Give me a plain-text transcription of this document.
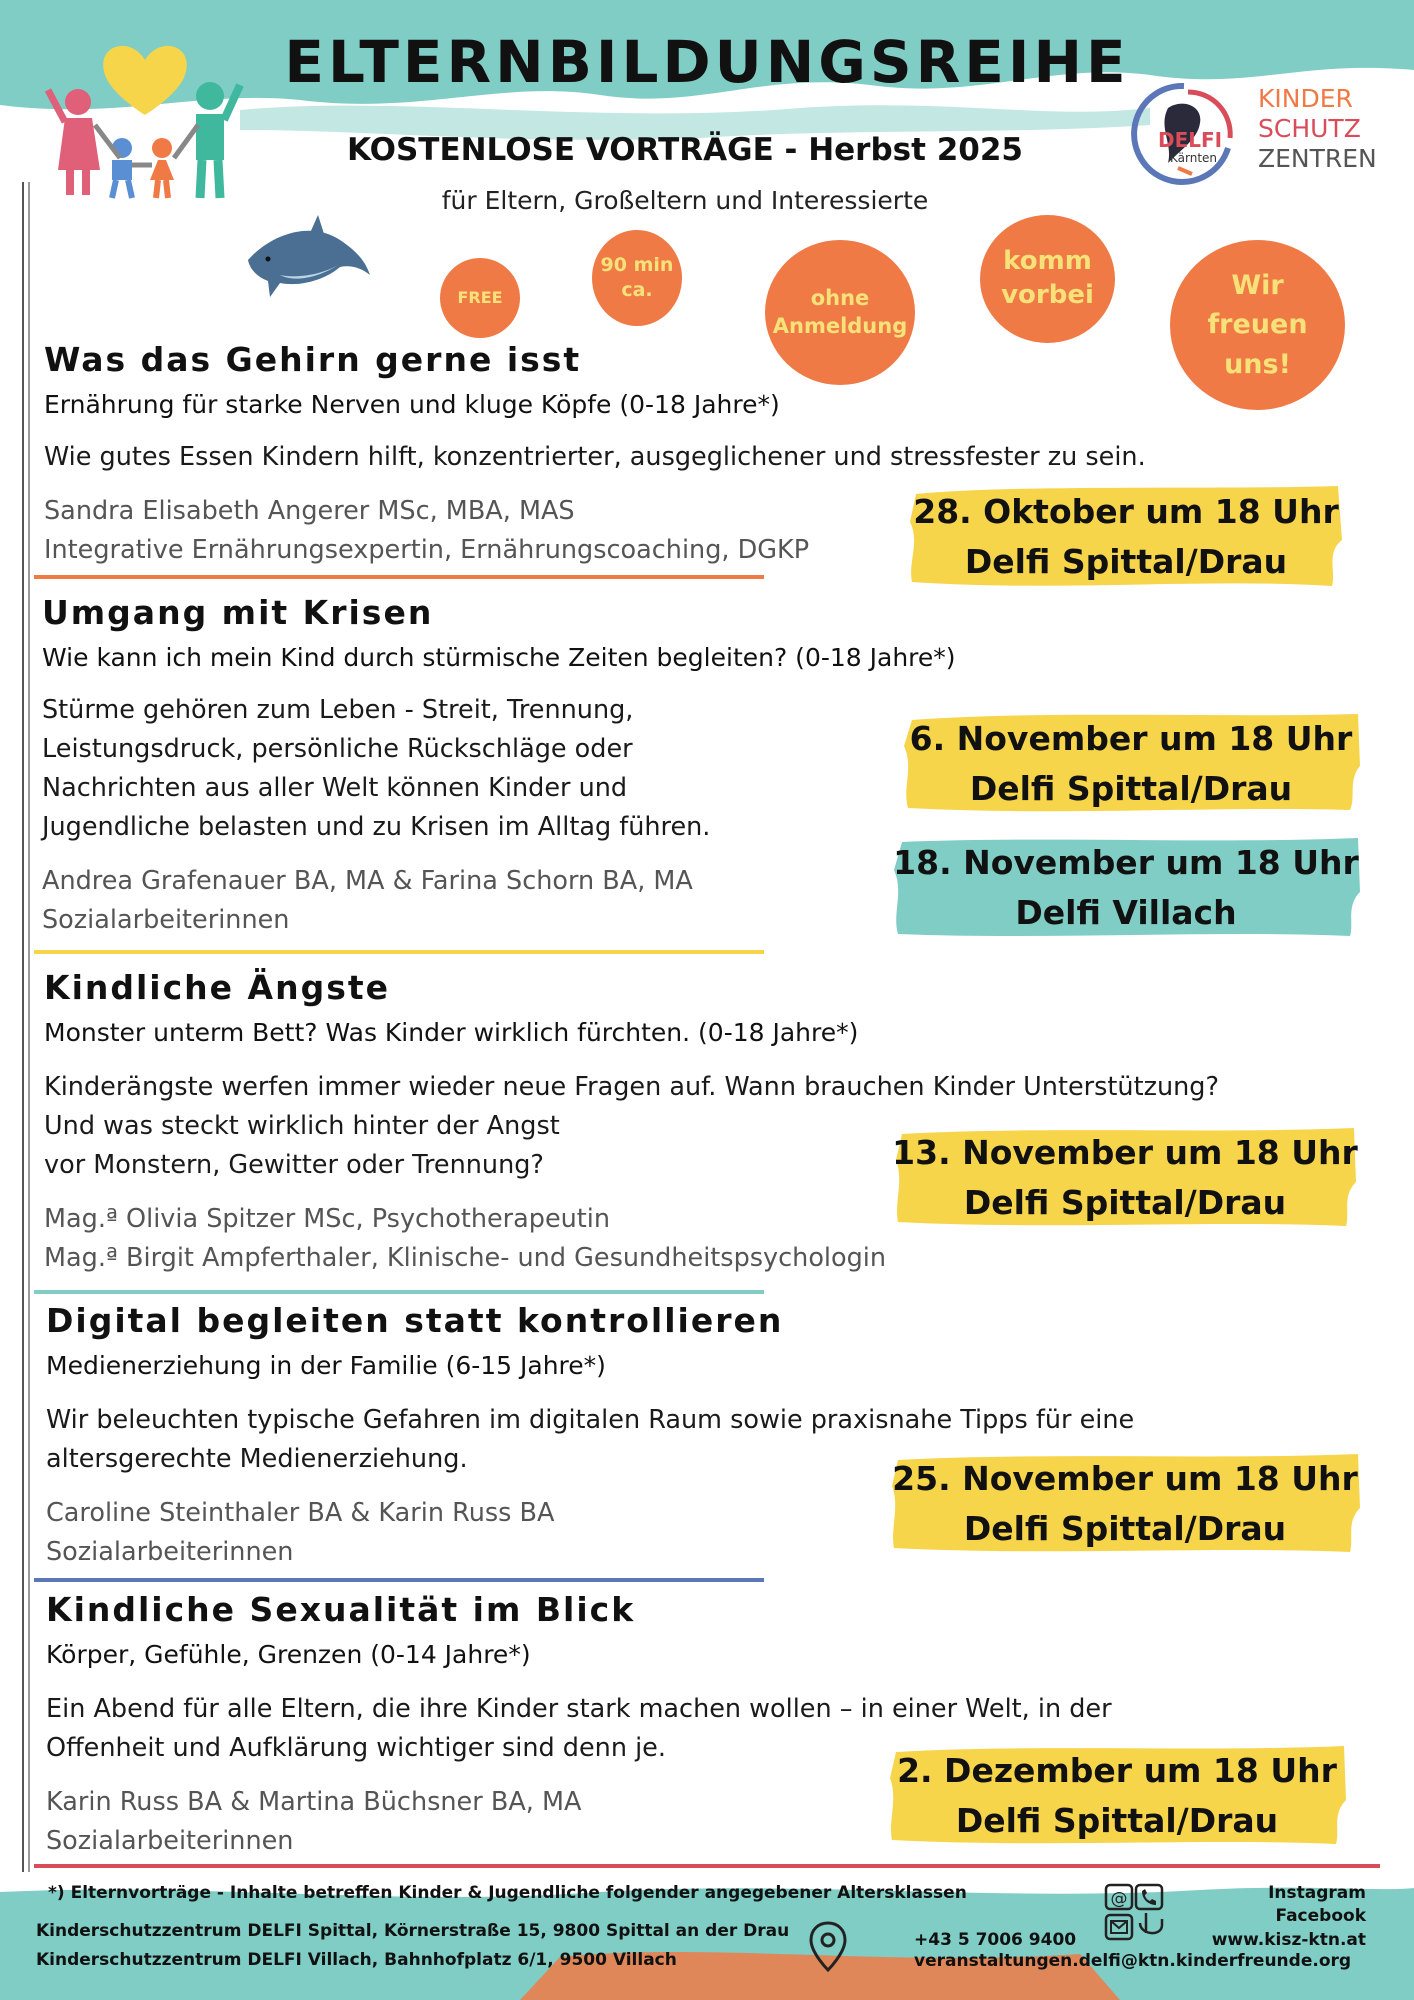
ELTERNBILDUNGSREIHE
KOSTENLOSE VORTRÄGE - Herbst 2025
für Eltern, Großeltern und Interessierte
DELFI
Kärnten
KINDER
SCHUTZ
ZENTREN
FREE
90 min ca.	ohne Anmeldung
komm vorbei	Wir freuen uns!
Was das Gehirn gerne isst
Ernährung für starke Nerven und kluge Köpfe (0-18 Jahre*)
Wie gutes Essen Kindern hilft, konzentrierter, ausgeglichener und stressfester zu sein.
Sandra Elisabeth Angerer MSc, MBA, MAS
Integrative Ernährungsexpertin, Ernährungscoaching, DGKP
28. Oktober um 18 Uhr
Delfi Spittal/Drau
Umgang mit Krisen
Wie kann ich mein Kind durch stürmische Zeiten begleiten? (0-18 Jahre*)
Stürme gehören zum Leben - Streit, Trennung,
Leistungsdruck, persönliche Rückschläge oder
Nachrichten aus aller Welt können Kinder und
Jugendliche belasten und zu Krisen im Alltag führen.
Andrea Grafenauer BA, MA & Farina Schorn BA, MA
Sozialarbeiterinnen
6. November um 18 Uhr
Delfi Spittal/Drau
18. November um 18 Uhr
Delfi Villach
Kindliche Ängste
Monster unterm Bett? Was Kinder wirklich fürchten. (0-18 Jahre*)
Kinderängste werfen immer wieder neue Fragen auf. Wann brauchen Kinder Unterstützung?
Und was steckt wirklich hinter der Angst
vor Monstern, Gewitter oder Trennung?
Mag.ª Olivia Spitzer MSc, Psychotherapeutin
Mag.ª Birgit Ampferthaler, Klinische- und Gesundheitspsychologin
13. November um 18 Uhr
Delfi Spittal/Drau
Digital begleiten statt kontrollieren
Medienerziehung in der Familie (6-15 Jahre*)
Wir beleuchten typische Gefahren im digitalen Raum sowie praxisnahe Tipps für eine
altersgerechte Medienerziehung.
Caroline Steinthaler BA & Karin Russ BA
Sozialarbeiterinnen
25. November um 18 Uhr
Delfi Spittal/Drau
Kindliche Sexualität im Blick
Körper, Gefühle, Grenzen (0-14 Jahre*)
Ein Abend für alle Eltern, die ihre Kinder stark machen wollen – in einer Welt, in der
Offenheit und Aufklärung wichtiger sind denn je.
Karin Russ BA & Martina Büchsner BA, MA
Sozialarbeiterinnen
2. Dezember um 18 Uhr
Delfi Spittal/Drau
*) Elternvorträge - Inhalte betreffen Kinder & Jugendliche folgender angegebener Altersklassen
Kinderschutzzentrum DELFI Spittal, Körnerstraße 15, 9800 Spittal an der Drau
Kinderschutzzentrum DELFI Villach, Bahnhofplatz 6/1, 9500 Villach
@
+43 5 7006 9400
veranstaltungen.delfi@ktn.kinderfreunde.org
Instagram
Facebook
www.kisz-ktn.at
